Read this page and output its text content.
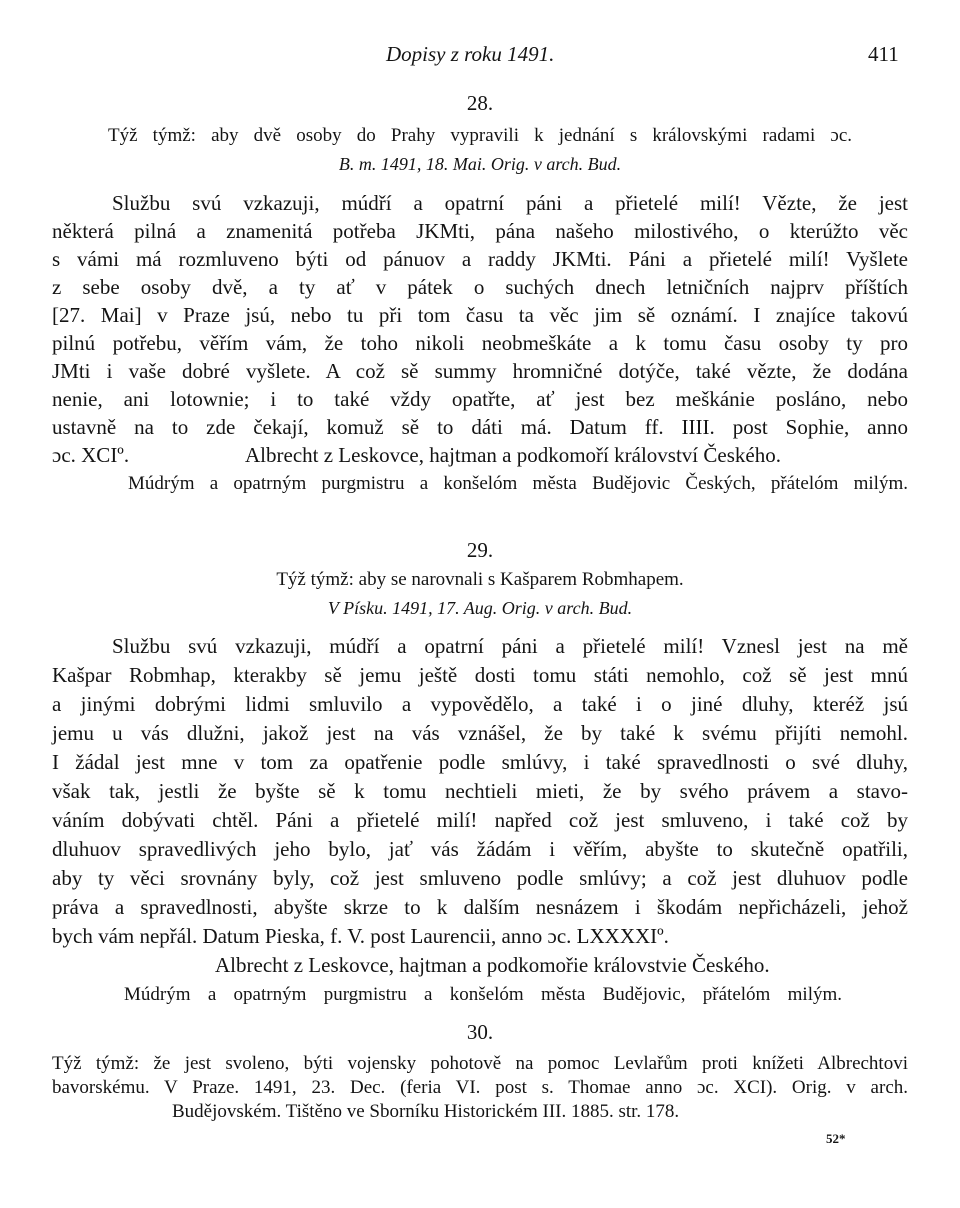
Dopisy z roku 1491.	411
28.
Týž týmž: aby dvě osoby do Prahy vypravili k jednání s královskými radami ɔc.
B. m. 1491, 18. Mai. Orig. v arch. Bud.
Službu svú vzkazuji, múdří a opatrní páni a přietelé milí! Vězte, že jest
některá pilná a znamenitá potřeba JKMti, pána našeho milostivého, o kterúžto věc
s vámi má rozmluveno býti od pánuov a raddy JKMti. Páni a přietelé milí! Vyšlete
z sebe osoby dvě, a ty ať v pátek o suchých dnech letničních najprv příštích
[27. Mai] v Praze jsú, nebo tu při tom času ta věc jim sě oznámí. I znajíce takovú
pilnú potřebu, věřím vám, že toho nikoli neobmeškáte a k tomu času osoby ty pro
JMti i vaše dobré vyšlete. A což sě summy hromničné dotýče, také vězte, že dodána
nenie, ani lotownie; i to také vždy opatřte, ať jest bez meškánie posláno, nebo
ustavně na to zde čekají, komuž sě to dáti má. Datum ff. IIII. post Sophie, anno
ɔc. XCIº.	Albrecht z Leskovce, hajtman a podkomoří království Českého.
Múdrým a opatrným purgmistru a konšelóm města Budějovic Českých, přátelóm milým.
29.
Týž týmž: aby se narovnali s Kašparem Robmhapem.
V Písku. 1491, 17. Aug. Orig. v arch. Bud.
Službu svú vzkazuji, múdří a opatrní páni a přietelé milí! Vznesl jest na mě
Kašpar Robmhap, kterakby sě jemu ještě dosti tomu státi nemohlo, což sě jest mnú
a jinými dobrými lidmi smluvilo a vypovědělo, a také i o jiné dluhy, kteréž jsú
jemu u vás dlužni, jakož jest na vás vznášel, že by také k svému přijíti nemohl.
I žádal jest mne v tom za opatřenie podle smlúvy, i také spravedlnosti o své dluhy,
však tak, jestli že byšte sě k tomu nechtieli mieti, že by svého právem a stavo-
váním dobývati chtěl. Páni a přietelé milí! napřed což jest smluveno, i také což by
dluhuov spravedlivých jeho bylo, jať vás žádám i věřím, abyšte to skutečně opatřili,
aby ty věci srovnány byly, což jest smluveno podle smlúvy; a což jest dluhuov podle
práva a spravedlnosti, abyšte skrze to k dalším nesnázem i škodám nepřicházeli, jehož
bych vám nepřál. Datum Pieska, f. V. post Laurencii, anno ɔc. LXXXXIº.
Albrecht z Leskovce, hajtman a podkomořie královstvie Českého.
Múdrým a opatrným purgmistru a konšelóm města Budějovic, přátelóm milým.
30.
Týž týmž: že jest svoleno, býti vojensky pohotově na pomoc Levlařům proti knížeti Albrechtovi
bavorskému. V Praze. 1491, 23. Dec. (feria VI. post s. Thomae anno ɔc. XCI). Orig. v arch.
Budějovském. Tištěno ve Sborníku Historickém III. 1885. str. 178.
52*
